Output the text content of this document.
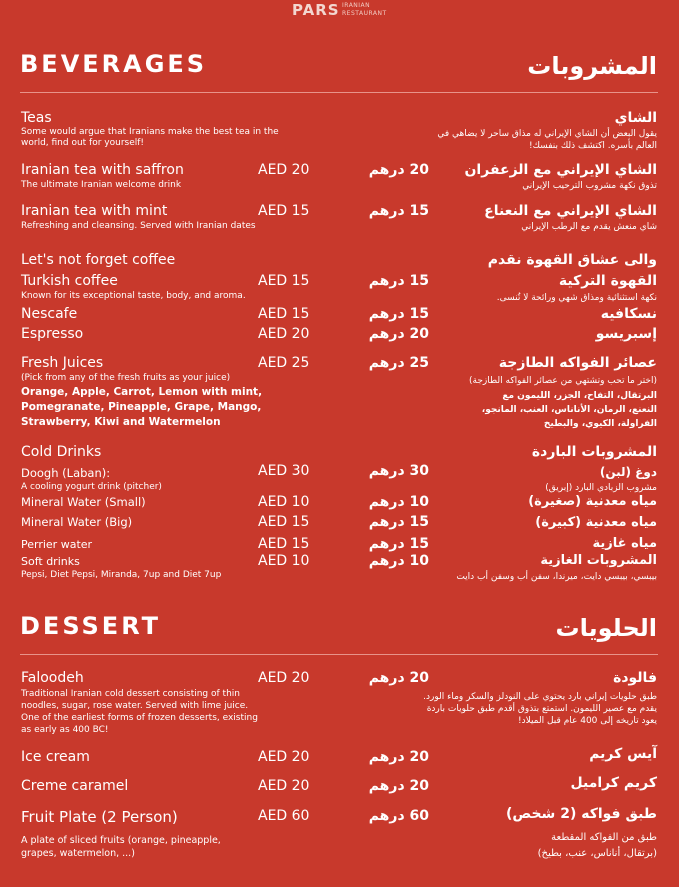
PARS IRANIAN RESTAURANT
BEVERAGES	المشروبات
Teas
Some would argue that Iranians make the best tea in the world, find out for yourself!
الشاي
يقول البعض أن الشاي الإيراني له مذاق ساحر لا يضاهي في العالم بأسره. اكتشف ذلك بنفسك!
Iranian tea with saffron
The ultimate Iranian welcome drink
AED 20	20 درهم	الشاي الإيراني مع الزعفران
تذوق نكهة مشروب الترحيب الإيراني
Iranian tea with mint
Refreshing and cleansing. Served with Iranian dates
AED 15	15 درهم	الشاي الإيراني مع النعناع
شاي منعش يقدم مع الرطب الإيراني
Let's not forget coffee	والى عشاق القهوة نقدم
Turkish coffee
Known for its exceptional taste, body, and aroma.
AED 15	15 درهم	القهوة التركية
نكهة استثنائية ومذاق شهي ورائحة لا تُنسى.
Nescafe	AED 15	15 درهم	نسكافيه
Espresso	AED 20	20 درهم	إسبريسو
Fresh Juices
(Pick from any of the fresh fruits as your juice)
Orange, Apple, Carrot, Lemon with mint,
Pomegranate, Pineapple, Grape, Mango,
Strawberry, Kiwi and Watermelon
AED 25	25 درهم	عصائر الفواكه الطازجة
(اختر ما تحب وتشتهي من عصائر الفواكه الطازجة)
البرتقال، التفاح، الجزر، الليمون مع
النعنع، الرمان، الأناناس، العنب، المانجو،
الفراولة، الكيوي، والبطيخ
Cold Drinks	المشروبات الباردة
Doogh (Laban):
A cooling yogurt drink (pitcher)
AED 30	30 درهم	دوغ (لبن)
مشروب الزبادي البارد (إبريق)
Mineral Water (Small)	AED 10	10 درهم	مياه معدنية (صغيرة)
Mineral Water (Big)	AED 15	15 درهم	مياه معدنية (كبيرة)
Perrier water	AED 15	15 درهم	مياه غازية
Soft drinks
Pepsi, Diet Pepsi, Miranda, 7up and Diet 7up
AED 10	10 درهم	المشروبات الغازية
بيبسي، بيبسي دايت، ميرندا، سفن أب وسفن أب دايت
DESSERT	الحلويات
Faloodeh
Traditional Iranian cold dessert consisting of thin noodles, sugar, rose water. Served with lime juice. One of the earliest forms of frozen desserts, existing as early as 400 BC!
AED 20	20 درهم	فالودة
طبق حلويات إيراني بارد يحتوي على النودلز والسكر وماء الورد. يقدم مع عصير الليمون. استمتع بتذوق أقدم طبق حلويات باردة يعود تاريخه إلى 400 عام قبل الميلاد!
Ice cream	AED 20	20 درهم	آيس كريم
Creme caramel	AED 20	20 درهم	كريم كراميل
Fruit Plate (2 Person)
A plate of sliced fruits (orange, pineapple, grapes, watermelon, ...)
AED 60	60 درهم	طبق فواكه (2 شخص)
طبق من الفواكه المقطعة
(برتقال، أناناس، عنب، بطيخ)
